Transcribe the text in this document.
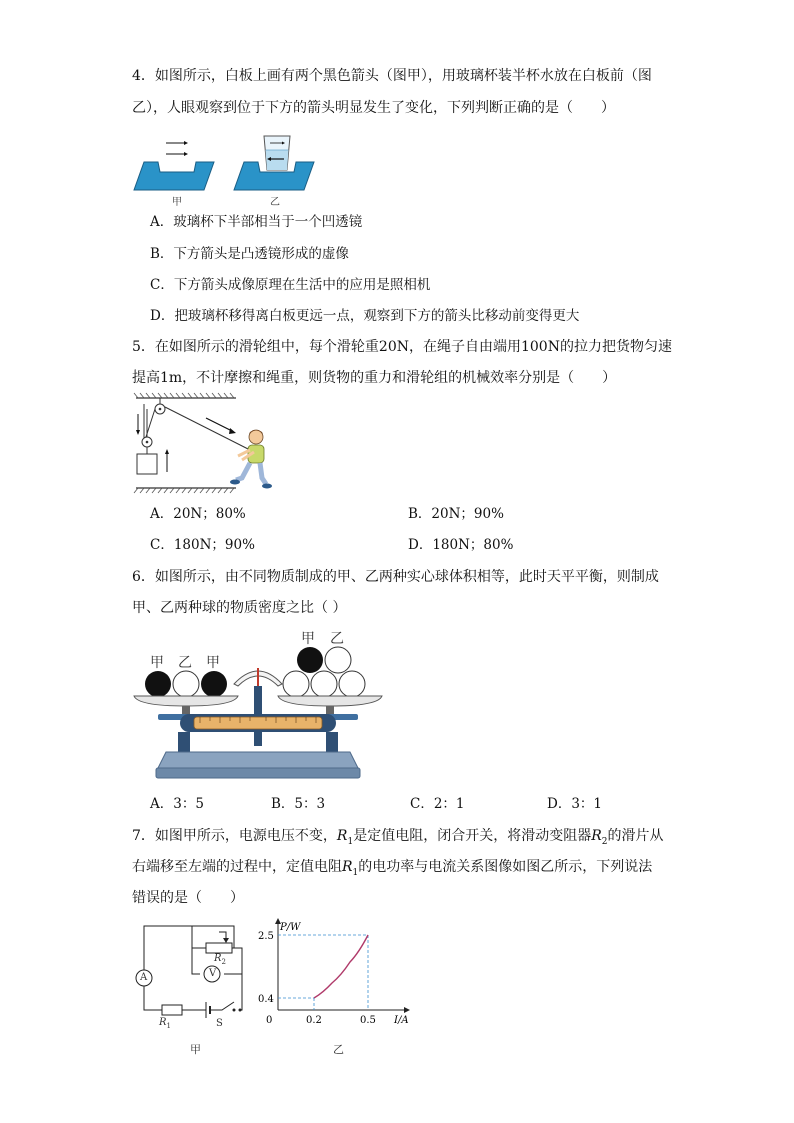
4．如图所示，白板上画有两个黑色箭头（图甲），用玻璃杯装半杯水放在白板前（图
乙），人眼观察到位于下方的箭头明显发生了变化，下列判断正确的是（　　）
甲	乙
A．玻璃杯下半部相当于一个凹透镜
B．下方箭头是凸透镜形成的虚像
C．下方箭头成像原理在生活中的应用是照相机
D．把玻璃杯移得离白板更远一点，观察到下方的箭头比移动前变得更大
5．在如图所示的滑轮组中，每个滑轮重20N，在绳子自由端用100N的拉力把货物匀速
提高1m，不计摩擦和绳重，则货物的重力和滑轮组的机械效率分别是（　　）
A．20N；80%	B．20N；90%
C．180N；90%	D．180N；80%
6．如图所示，由不同物质制成的甲、乙两种实心球体积相等，此时天平平衡，则制成
甲、乙两种球的物质密度之比（ ）
甲 乙 甲
甲 乙
A．3：5	B．5：3	C．2：1	D．3：1
7．如图甲所示，电源电压不变，$R_1$是定值电阻，闭合开关，将滑动变阻器$R_2$的滑片从
右端移至左端的过程中，定值电阻$R_1$的电功率与电流关系图像如图乙所示，下列说法
错误的是（　　）
A	V
$R_2$
$R_1$	S
甲
P/W
I/A
0	0.2	0.5
0.4
2.5
乙
